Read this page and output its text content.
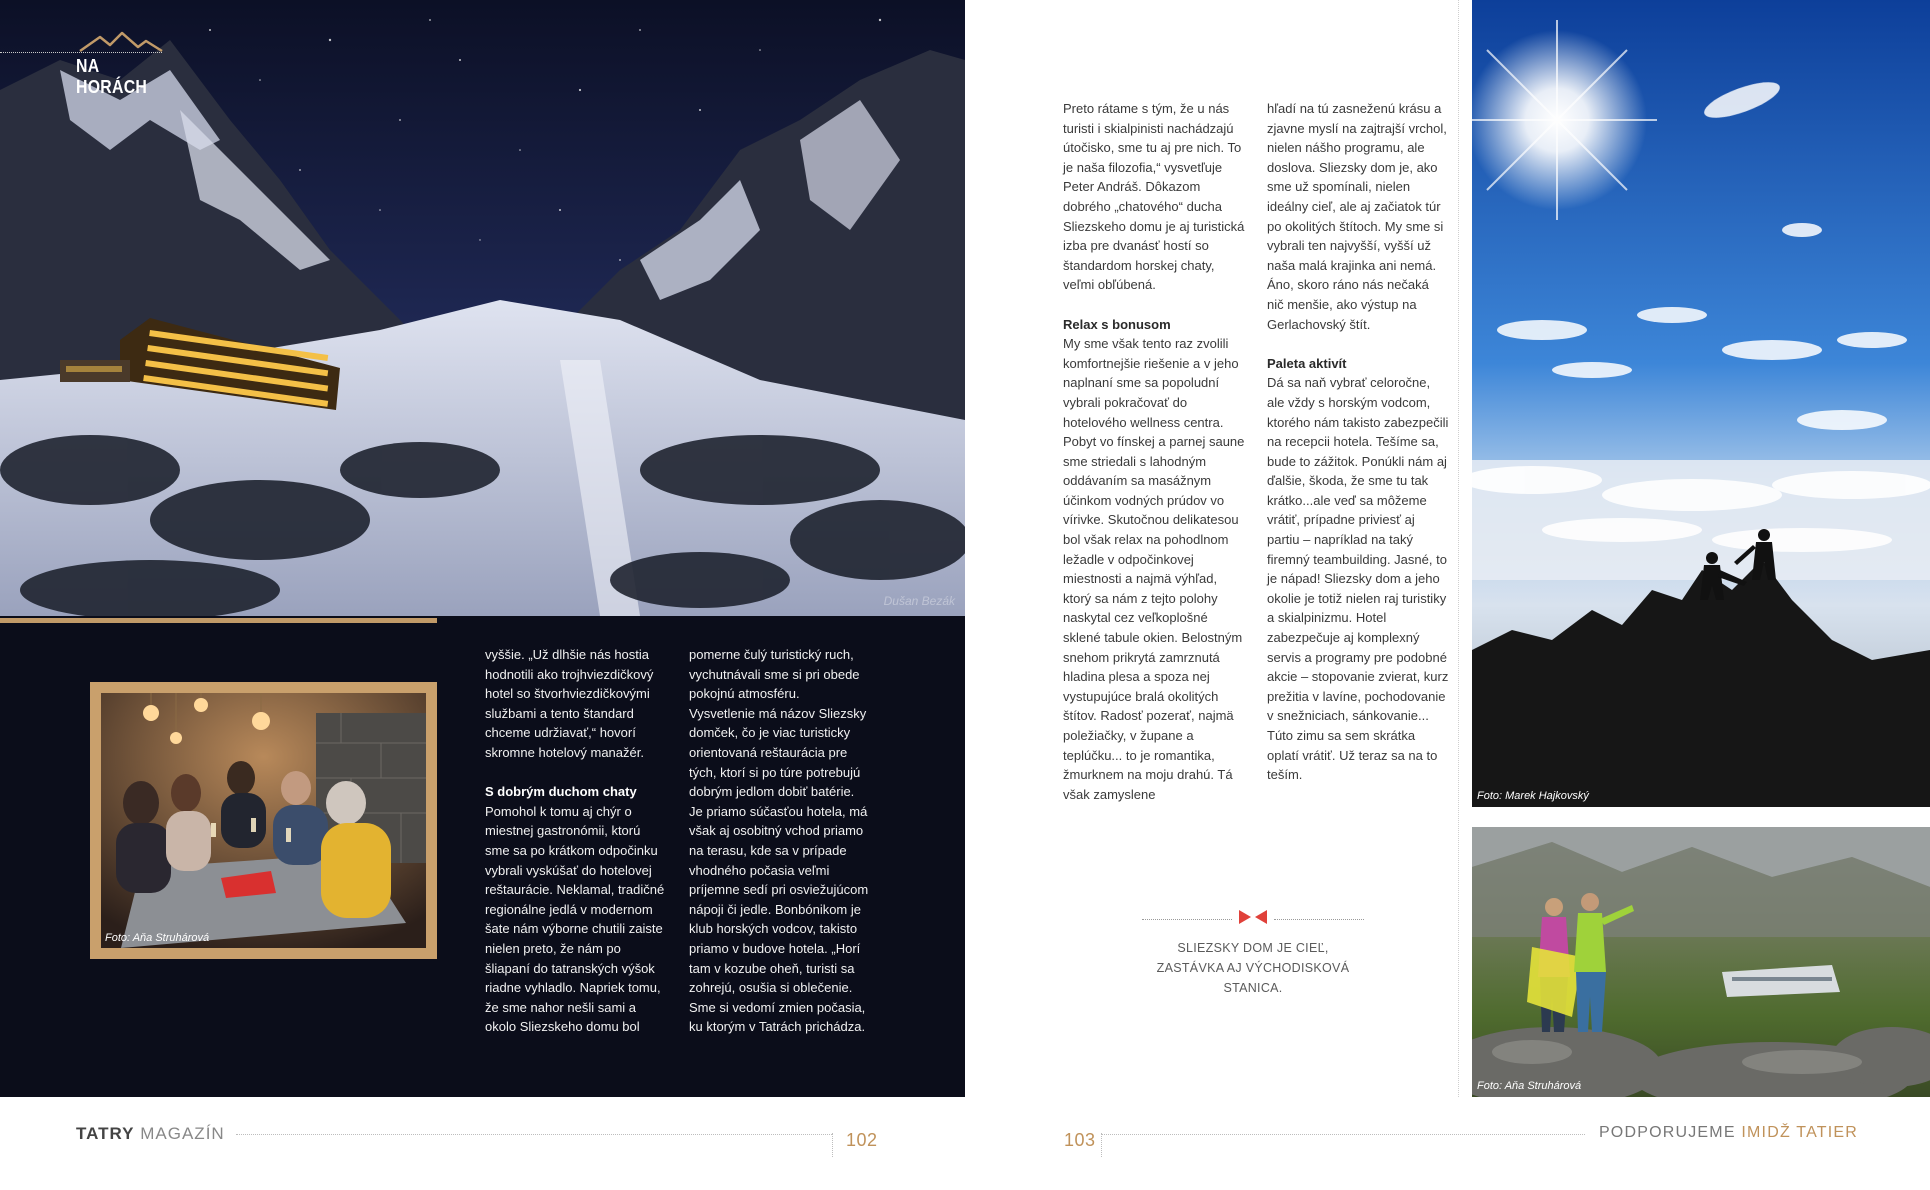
Dušan Bezák
NA HORÁCH
Foto: Aňa Struhárová

vyššie. „Už dlhšie nás hostia hodnotili ako trojhviezdičkový hotel so štvorhviezdičkovými službami a tento štandard chceme udržiavať,“ hovorí skromne hotelový manažér.

S dobrým duchom chaty
Pomohol k tomu aj chýr o miestnej gastronómii, ktorú sme sa po krátkom odpočinku vybrali vyskúšať do hotelovej reštaurácie. Neklamal, tradičné regionálne jedlá v modernom šate nám výborne chutili zaiste nielen preto, že nám po šliapaní do tatranských výšok riadne vyhladlo. Napriek tomu, že sme nahor nešli sami a okolo Sliezskeho domu bol

pomerne čulý turistický ruch, vychutnávali sme si pri obede pokojnú atmosféru. Vysvetlenie má názov Sliezsky domček, čo je viac turisticky orientovaná reštaurácia pre tých, ktorí si po túre potrebujú dobrým jedlom dobiť batérie. Je priamo súčasťou hotela, má však aj osobitný vchod priamo na terasu, kde sa v prípade vhodného počasia veľmi príjemne sedí pri osviežujúcom nápoji či jedle. Bonbónikom je klub horských vodcov, takisto priamo v budove hotela. „Horí tam v kozube oheň, turisti sa zohrejú, osušia si oblečenie. Sme si vedomí zmien počasia, ku ktorým v Tatrách prichádza.

Preto rátame s tým, že u nás turisti i skialpinisti nachádzajú útočisko, sme tu aj pre nich. To je naša filozofia,“ vysvetľuje Peter Andráš. Dôkazom dobrého „chatového“ ducha Sliezskeho domu je aj turistická izba pre dvanásť hostí so štandardom horskej chaty, veľmi obľúbená.

Relax s bonusom
My sme však tento raz zvolili komfortnejšie riešenie a v jeho naplnaní sme sa popoludní vybrali pokračovať do hotelového wellness centra. Pobyt vo fínskej a parnej saune sme striedali s lahodným oddávaním sa masážnym účinkom vodných prúdov vo vírivke. Skutočnou delikatesou bol však relax na pohodlnom ležadle v odpočinkovej miestnosti a najmä výhľad, ktorý sa nám z tejto polohy naskytal cez veľkoplošné sklené tabule okien. Belostným snehom prikrytá zamrznutá hladina plesa a spoza nej vystupujúce bralá okolitých štítov. Radosť pozerať, najmä poležiačky, v župane a teplúčku... to je romantika, žmurknem na moju drahú. Tá však zamyslene

hľadí na tú zasneženú krásu a zjavne myslí na zajtrajší vrchol, nielen nášho programu, ale doslova. Sliezsky dom je, ako sme už spomínali, nielen ideálny cieľ, ale aj začiatok túr po okolitých štítoch. My sme si vybrali ten najvyšší, vyšší už naša malá krajinka ani nemá. Áno, skoro ráno nás nečaká nič menšie, ako výstup na Gerlachovský štít.

Paleta aktivít
Dá sa naň vybrať celoročne, ale vždy s horským vodcom, ktorého nám takisto zabezpečili na recepcii hotela. Tešíme sa, bude to zážitok. Ponúkli nám aj ďalšie, škoda, že sme tu tak krátko...ale veď sa môžeme vrátiť, prípadne priviesť aj partiu – napríklad na taký firemný teambuilding. Jasné, to je nápad! Sliezsky dom a jeho okolie je totiž nielen raj turistiky a skialpinizmu. Hotel zabezpečuje aj komplexný servis a programy pre podobné akcie – stopovanie zvierat, kurz prežitia v lavíne, pochodovanie v snežniciach, sánkovanie... Túto zimu sa sem skrátka oplatí vrátiť. Už teraz sa na to teším.

SLIEZSKY DOM JE CIEĽ, ZASTÁVKA AJ VÝCHODISKOVÁ STANICA.
Foto: Marek Hajkovský
Foto: Aňa Struhárová
TATRY MAGAZÍN	102	103	PODPORUJEME IMIDŽ TATIER
